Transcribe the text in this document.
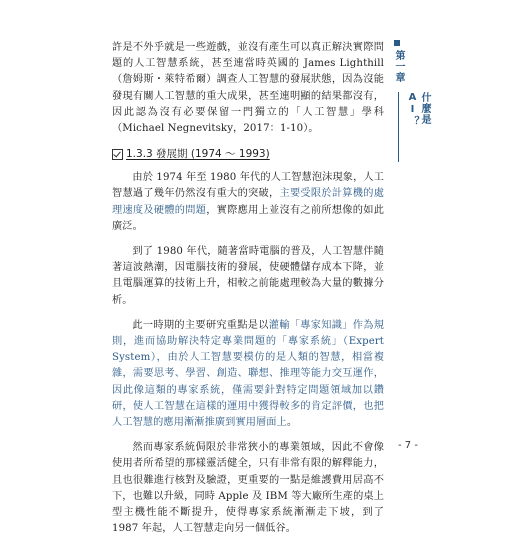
許是不外乎就是一些遊戲，並沒有產生可以真正解決實際問題的人工智慧系統，甚至連當時英國的 James Lighthill（詹姆斯・萊特希爾）調查人工智慧的發展狀態，因為沒能發現有關人工智慧的重大成果，甚至連明顯的結果都沒有，因此認為沒有必要保留一門獨立的「人工智慧」學科（Michael Negnevitsky，2017：1-10）。

1.3.3 發展期 (1974 ～ 1993)

由於 1974 年至 1980 年代的人工智慧泡沫現象，人工智慧過了幾年仍然沒有重大的突破，主要受限於計算機的處理速度及硬體的問題，實際應用上並沒有之前所想像的如此廣泛。

到了 1980 年代，隨著當時電腦的普及，人工智慧伴隨著這波熱潮，因電腦技術的發展，使硬體儲存成本下降，並且電腦運算的技術上升，相較之前能處理較為大量的數據分析。

此一時期的主要研究重點是以灌輸「專家知識」作為規則，進而協助解決特定專業問題的「專家系統」（Expert System），由於人工智慧要模仿的是人類的智慧，相當複雜，需要思考、學習、創造、聯想、推理等能力交互運作，因此像這類的專家系統，僅需要針對特定問題領域加以鑽研，使人工智慧在這樣的運用中獲得較多的肯定評價，也把人工智慧的應用漸漸推廣到實用層面上。

然而專家系統侷限於非常狹小的專業領域，因此不會像使用者所希望的那樣靈活健全，只有非常有限的解釋能力，且也很難進行核對及驗證，更重要的一點是維護費用居高不下，也難以升級，同時 Apple 及 IBM 等大廠所生產的桌上型主機性能不斷提升，使得專家系統漸漸走下坡，到了 1987 年起，人工智慧走向另一個低谷。

第一章
什麼是AI？
- 7 -
